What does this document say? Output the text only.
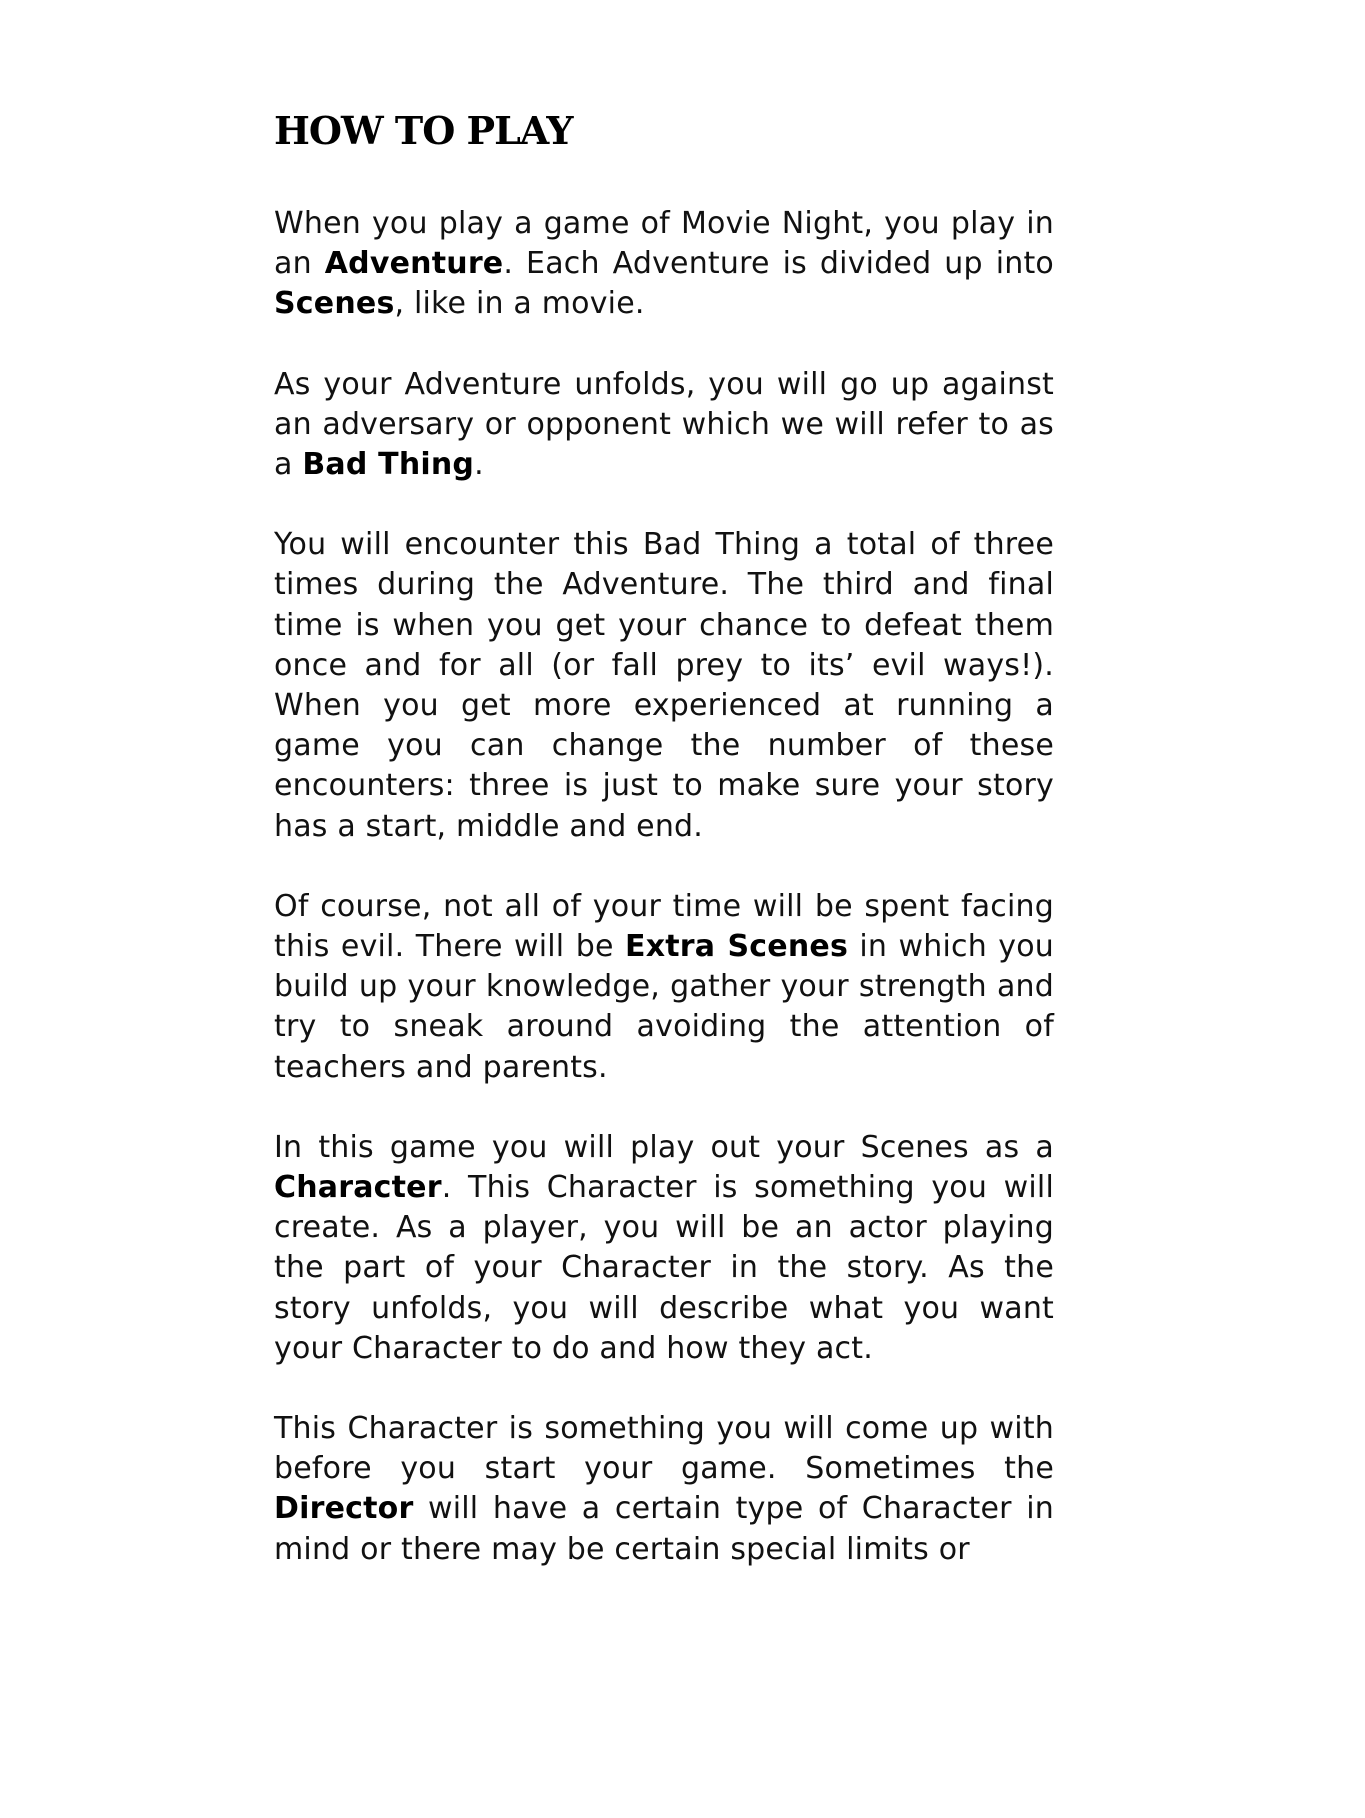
HOW TO PLAY

When you play a game of Movie Night, you play in an Adventure. Each Adventure is divided up into Scenes, like in a movie.

As your Adventure unfolds, you will go up against an adversary or opponent which we will refer to as a Bad Thing.

You will encounter this Bad Thing a total of three times during the Adventure. The third and final time is when you get your chance to defeat them once and for all (or fall prey to its’ evil ways!). When you get more experienced at running a game you can change the number of these encounters: three is just to make sure your story has a start, middle and end.

Of course, not all of your time will be spent facing this evil. There will be Extra Scenes in which you build up your knowledge, gather your strength and try to sneak around avoiding the attention of teachers and parents.

In this game you will play out your Scenes as a Character. This Character is something you will create. As a player, you will be an actor playing the part of your Character in the story. As the story unfolds, you will describe what you want your Character to do and how they act.

This Character is something you will come up with before you start your game. Sometimes the Director will have a certain type of Character in mind or there may be certain special limits or
